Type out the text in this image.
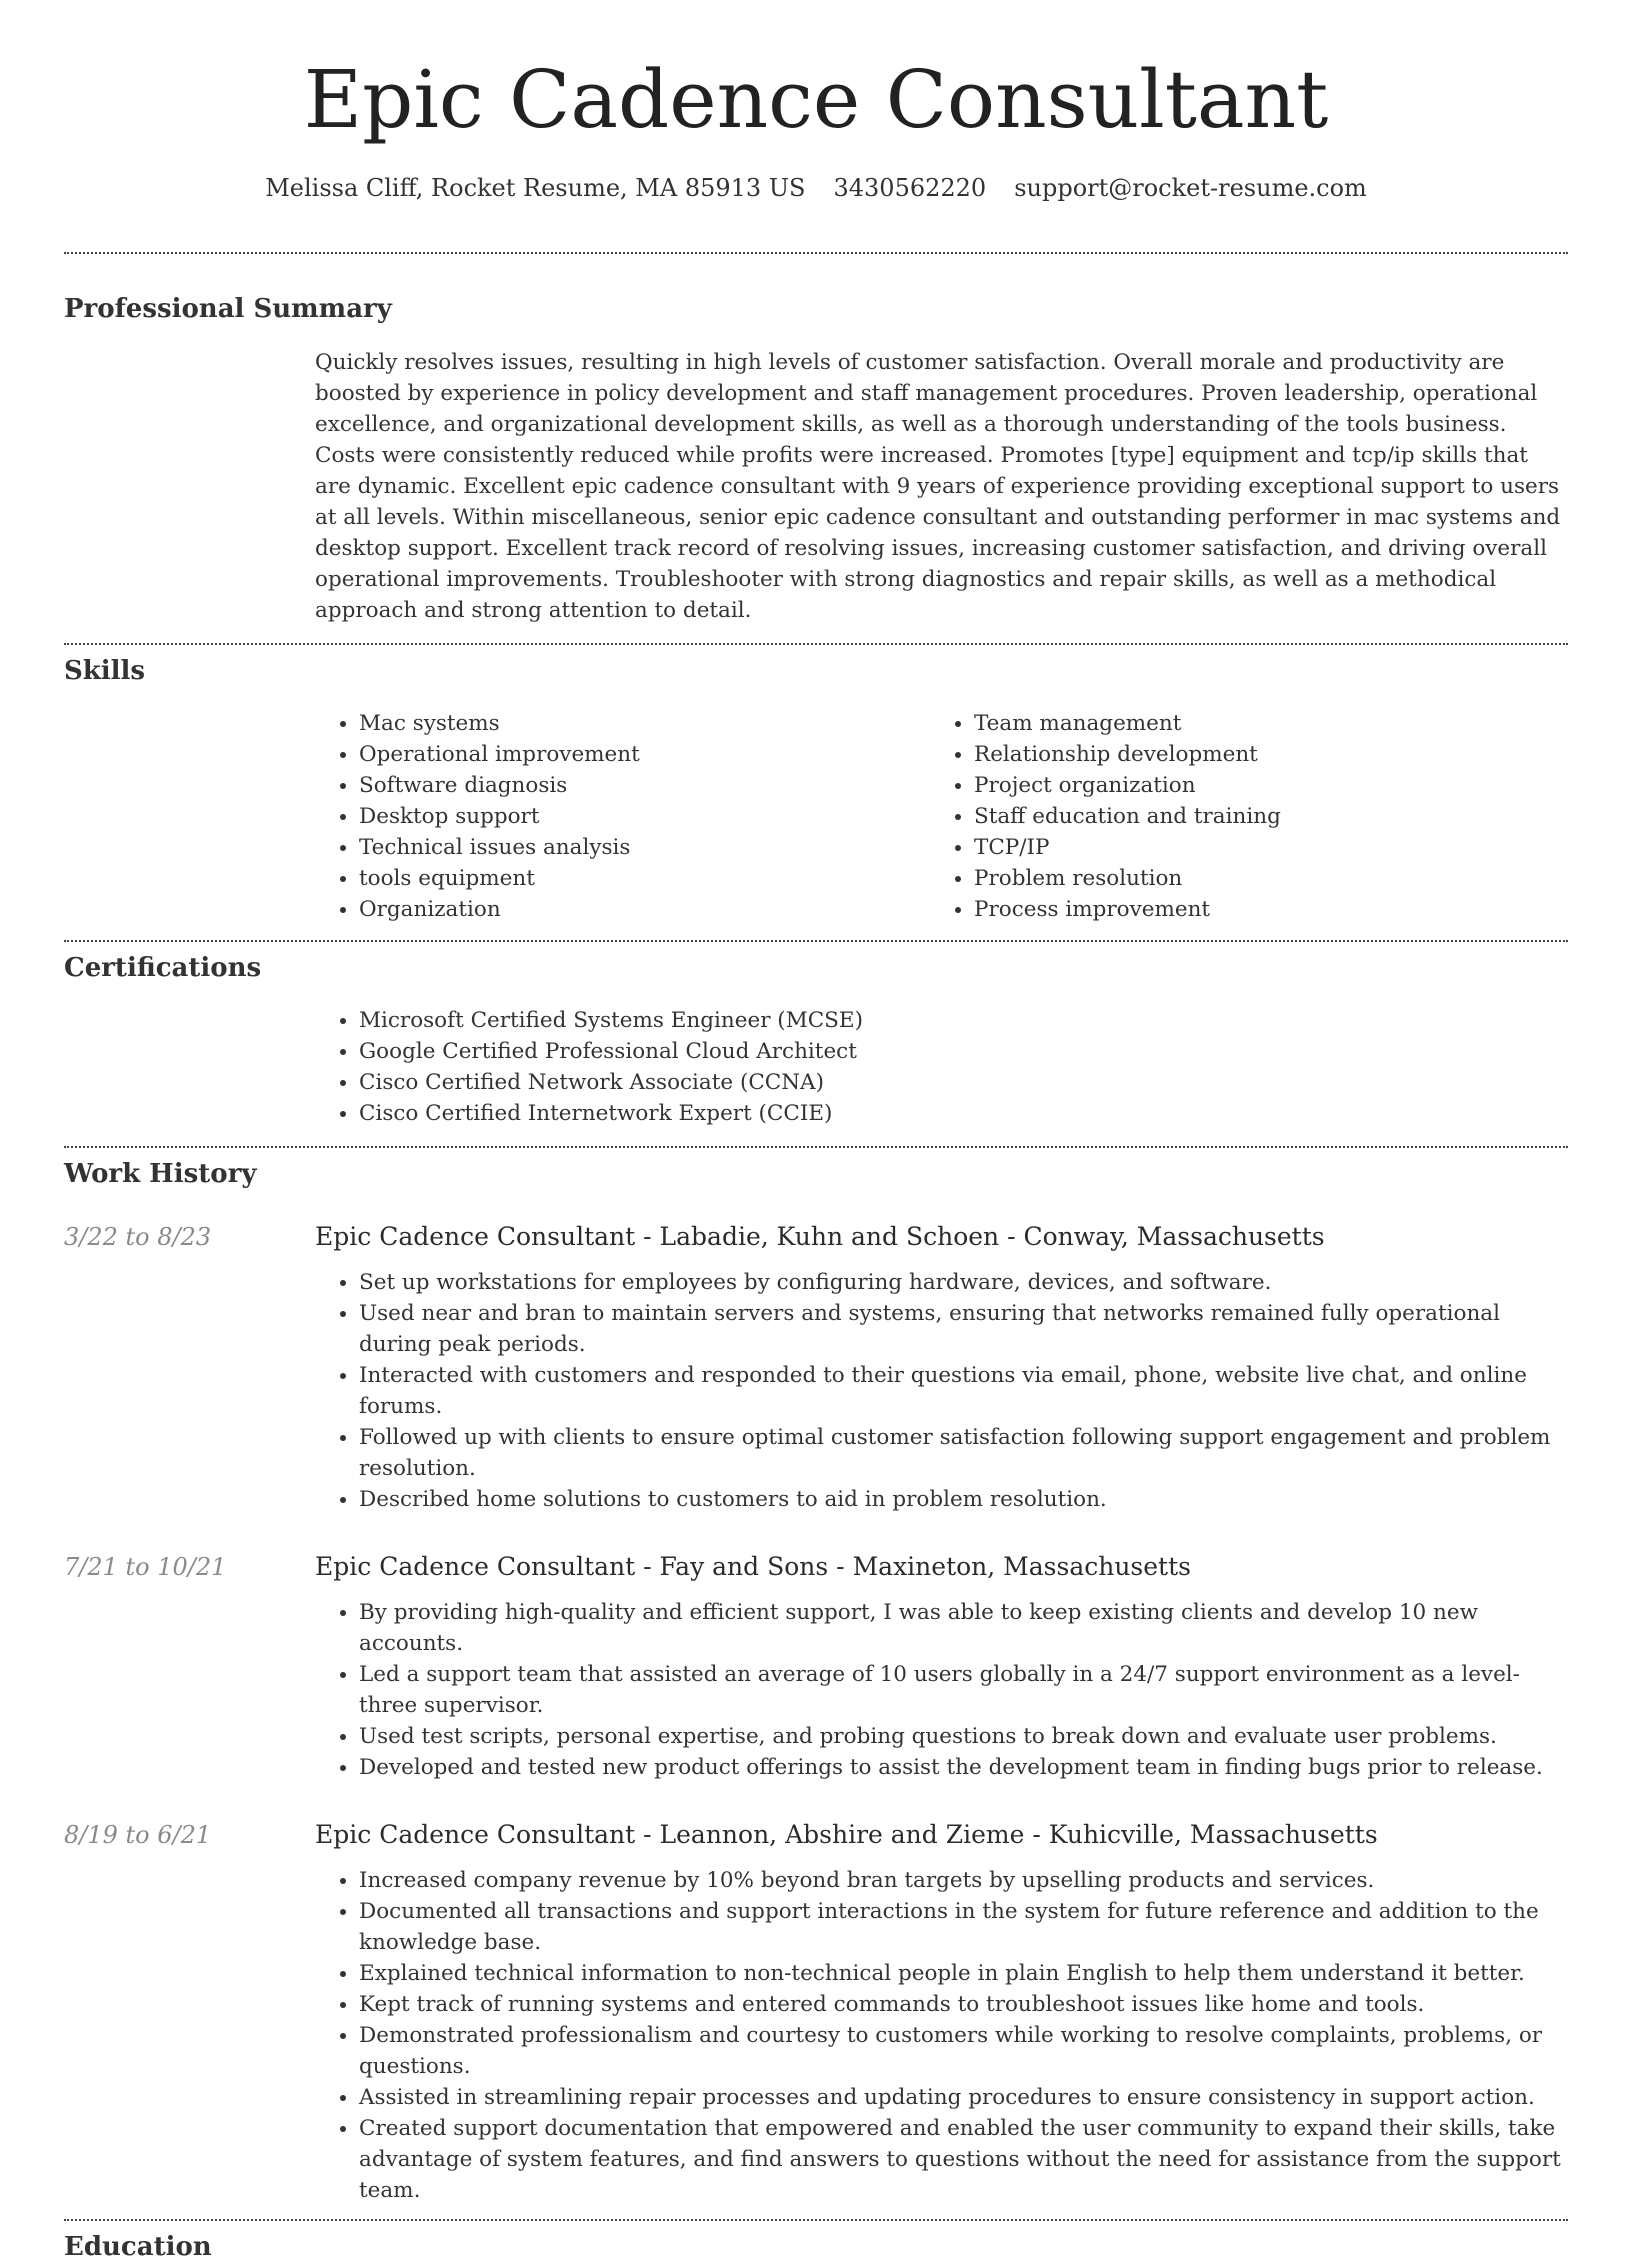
Epic Cadence Consultant
Melissa Cliff, Rocket Resume, MA 85913 US 3430562220 support@rocket-resume.com
Professional Summary
Quickly resolves issues, resulting in high levels of customer satisfaction. Overall morale and productivity are boosted by experience in policy development and staff management procedures. Proven leadership, operational excellence, and organizational development skills, as well as a thorough understanding of the tools business. Costs were consistently reduced while profits were increased. Promotes [type] equipment and tcp/ip skills that are dynamic. Excellent epic cadence consultant with 9 years of experience providing exceptional support to users at all levels. Within miscellaneous, senior epic cadence consultant and outstanding performer in mac systems and desktop support. Excellent track record of resolving issues, increasing customer satisfaction, and driving overall operational improvements. Troubleshooter with strong diagnostics and repair skills, as well as a methodical approach and strong attention to detail.
Skills
• Mac systems
• Operational improvement
• Software diagnosis
• Desktop support
• Technical issues analysis
• tools equipment
• Organization
• Team management
• Relationship development
• Project organization
• Staff education and training
• TCP/IP
• Problem resolution
• Process improvement
Certifications
• Microsoft Certified Systems Engineer (MCSE)
• Google Certified Professional Cloud Architect
• Cisco Certified Network Associate (CCNA)
• Cisco Certified Internetwork Expert (CCIE)
Work History
3/22 to 8/23	Epic Cadence Consultant - Labadie, Kuhn and Schoen - Conway, Massachusetts
• Set up workstations for employees by configuring hardware, devices, and software.
• Used near and bran to maintain servers and systems, ensuring that networks remained fully operational during peak periods.
• Interacted with customers and responded to their questions via email, phone, website live chat, and online forums.
• Followed up with clients to ensure optimal customer satisfaction following support engagement and problem resolution.
• Described home solutions to customers to aid in problem resolution.
7/21 to 10/21	Epic Cadence Consultant - Fay and Sons - Maxineton, Massachusetts
• By providing high-quality and efficient support, I was able to keep existing clients and develop 10 new accounts.
• Led a support team that assisted an average of 10 users globally in a 24/7 support environment as a level-three supervisor.
• Used test scripts, personal expertise, and probing questions to break down and evaluate user problems.
• Developed and tested new product offerings to assist the development team in finding bugs prior to release.
8/19 to 6/21	Epic Cadence Consultant - Leannon, Abshire and Zieme - Kuhicville, Massachusetts
• Increased company revenue by 10% beyond bran targets by upselling products and services.
• Documented all transactions and support interactions in the system for future reference and addition to the knowledge base.
• Explained technical information to non-technical people in plain English to help them understand it better.
• Kept track of running systems and entered commands to troubleshoot issues like home and tools.
• Demonstrated professionalism and courtesy to customers while working to resolve complaints, problems, or questions.
• Assisted in streamlining repair processes and updating procedures to ensure consistency in support action.
• Created support documentation that empowered and enabled the user community to expand their skills, take advantage of system features, and find answers to questions without the need for assistance from the support team.
Education
